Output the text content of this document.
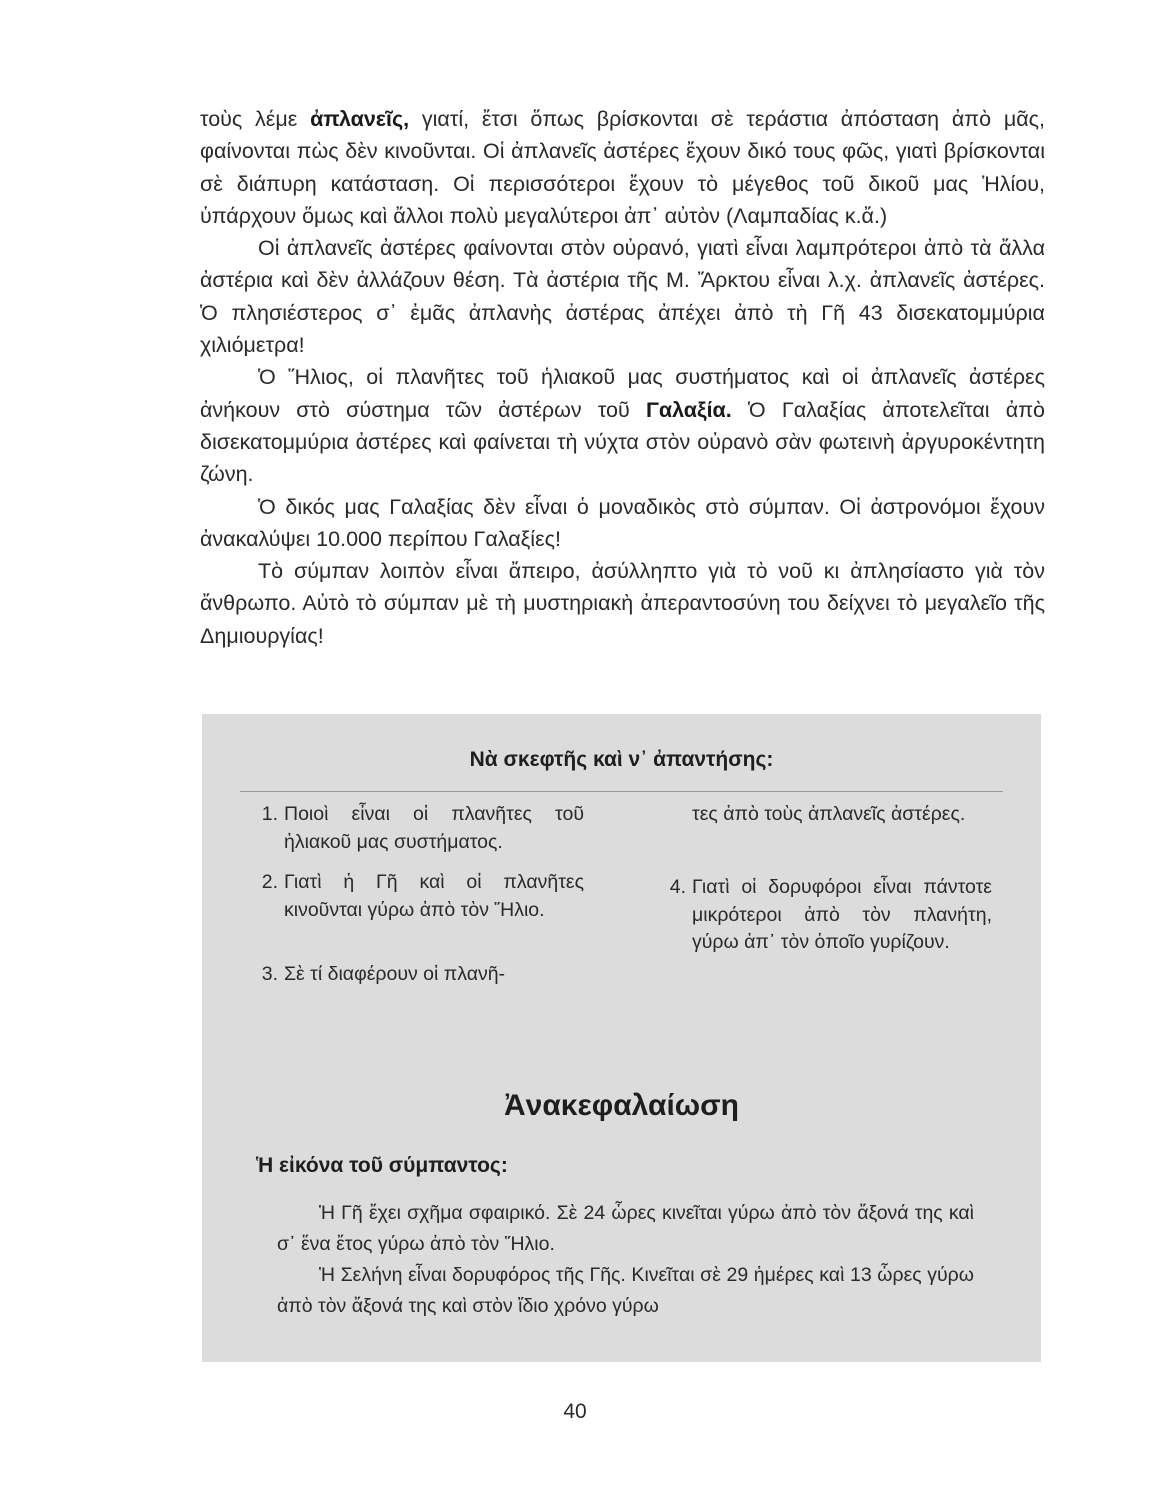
τοὺς λέμε ἀπλανεῖς, γιατί, ἔτσι ὅπως βρίσκονται σὲ τεράστια ἀπόσταση ἀπὸ μᾶς, φαίνονται πὼς δὲν κινοῦνται. Οἱ ἀπλανεῖς ἀστέρες ἔχουν δικό τους φῶς, γιατὶ βρίσκονται σὲ διάπυρη κατάσταση. Οἱ περισσότεροι ἔχουν τὸ μέγεθος τοῦ δικοῦ μας Ἡλίου, ὑπάρχουν ὅμως καὶ ἄλλοι πολὺ μεγαλύτεροι ἀπ᾽ αὐτὸν (Λαμπαδίας κ.ἄ.)

Οἱ ἀπλανεῖς ἀστέρες φαίνονται στὸν οὐρανό, γιατὶ εἶναι λαμπρότεροι ἀπὸ τὰ ἄλλα ἀστέρια καὶ δὲν ἀλλάζουν θέση. Τὰ ἀστέρια τῆς Μ. Ἄρκτου εἶναι λ.χ. ἀπλανεῖς ἀστέρες. Ὁ πλησιέστερος σ᾽ ἐμᾶς ἀπλανὴς ἀστέρας ἀπέχει ἀπὸ τὴ Γῆ 43 δισεκατομμύρια χιλιόμετρα!

Ὁ Ἥλιος, οἱ πλανῆτες τοῦ ἡλιακοῦ μας συστήματος καὶ οἱ ἀπλανεῖς ἀστέρες ἀνήκουν στὸ σύστημα τῶν ἀστέρων τοῦ Γαλαξία. Ὁ Γαλαξίας ἀποτελεῖται ἀπὸ δισεκατομμύρια ἀστέρες καὶ φαίνεται τὴ νύχτα στὸν οὐρανὸ σὰν φωτεινὴ ἀργυροκέντητη ζώνη.

Ὁ δικός μας Γαλαξίας δὲν εἶναι ὁ μοναδικὸς στὸ σύμπαν. Οἱ ἀστρονόμοι ἔχουν ἀνακαλύψει 10.000 περίπου Γαλαξίες!

Τὸ σύμπαν λοιπὸν εἶναι ἄπειρο, ἀσύλληπτο γιὰ τὸ νοῦ κι ἀπλησίαστο γιὰ τὸν ἄνθρωπο. Αὐτὸ τὸ σύμπαν μὲ τὴ μυστηριακὴ ἀπεραντοσύνη του δείχνει τὸ μεγαλεῖο τῆς Δημιουργίας!

Νὰ σκεφτῆς καὶ ν᾽ ἀπαντήσης:
1. Ποιοὶ εἶναι οἱ πλανῆτες τοῦ ἡλιακοῦ μας συστήματος.
2. Γιατὶ ἡ Γῆ καὶ οἱ πλανῆτες κινοῦνται γύρω ἀπὸ τὸν Ἥλιο.
3. Σὲ τί διαφέρουν οἱ πλανῆ-
τες ἀπὸ τοὺς ἀπλανεῖς ἀστέρες.
4. Γιατὶ οἱ δορυφόροι εἶναι πάντοτε μικρότεροι ἀπὸ τὸν πλανήτη, γύρω ἀπ᾽ τὸν ὁποῖο γυρίζουν.
Ἀνακεφαλαίωση
Ἡ εἰκόνα τοῦ σύμπαντος:

Ἡ Γῆ ἔχει σχῆμα σφαιρικό. Σὲ 24 ὧρες κινεῖται γύρω ἀπὸ τὸν ἄξονά της καὶ σ᾽ ἕνα ἔτος γύρω ἀπὸ τὸν Ἥλιο.

Ἡ Σελήνη εἶναι δορυφόρος τῆς Γῆς. Κινεῖται σὲ 29 ἡμέρες καὶ 13 ὧρες γύρω ἀπὸ τὸν ἄξονά της καὶ στὸν ἴδιο χρόνο γύρω

40
